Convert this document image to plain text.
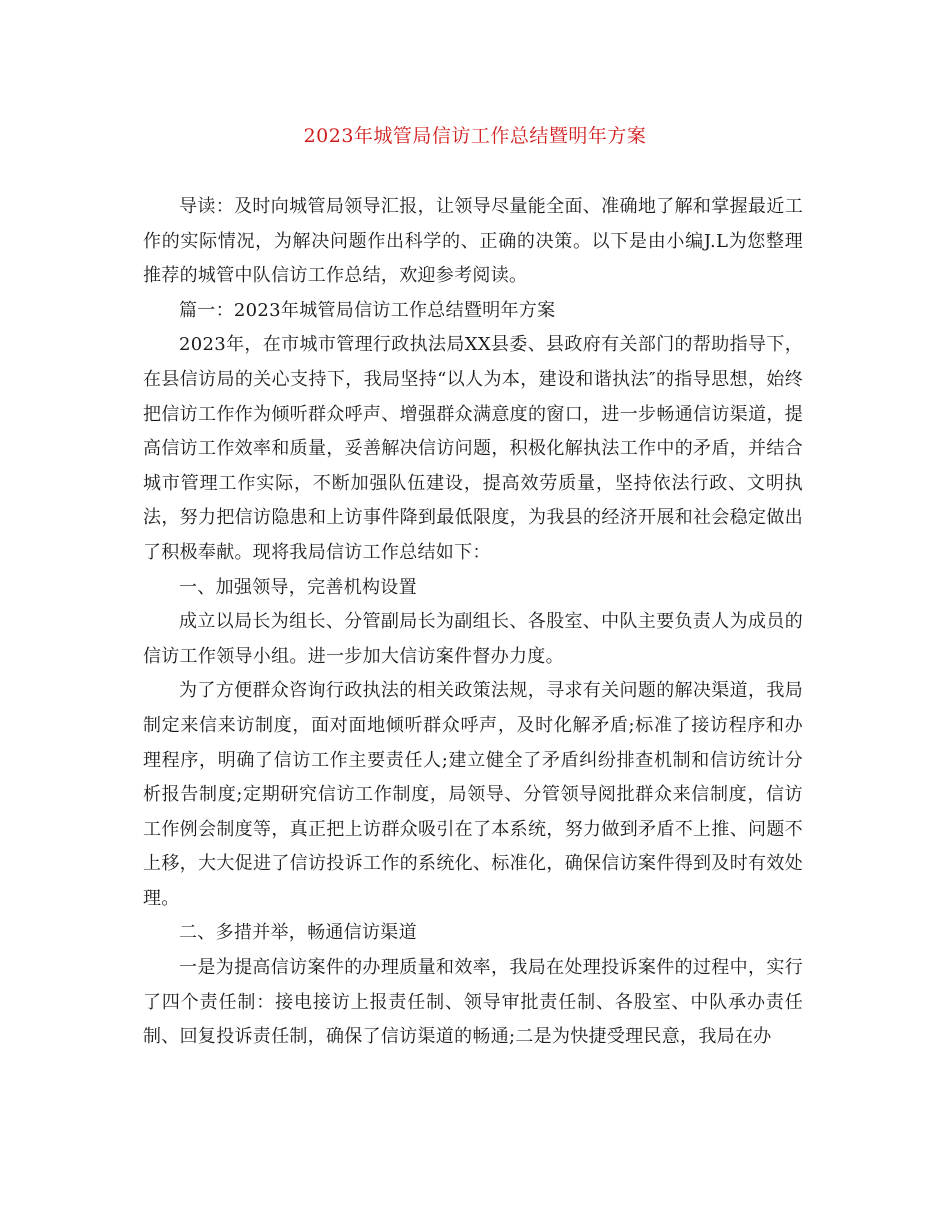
2023年城管局信访工作总结暨明年方案

导读：及时向城管局领导汇报，让领导尽量能全面、准确地了解和掌握最近工作的实际情况，为解决问题作出科学的、正确的决策。以下是由小编J.L为您整理推荐的城管中队信访工作总结，欢迎参考阅读。

篇一：2023年城管局信访工作总结暨明年方案

2023年，在市城市管理行政执法局XX县委、县政府有关部门的帮助指导下，在县信访局的关心支持下，我局坚持“以人为本，建设和谐执法″的指导思想，始终把信访工作作为倾听群众呼声、增强群众满意度的窗口，进一步畅通信访渠道，提高信访工作效率和质量，妥善解决信访问题，积极化解执法工作中的矛盾，并结合城市管理工作实际，不断加强队伍建设，提高效劳质量，坚持依法行政、文明执法，努力把信访隐患和上访事件降到最低限度，为我县的经济开展和社会稳定做出了积极奉献。现将我局信访工作总结如下：

一、加强领导，完善机构设置

成立以局长为组长、分管副局长为副组长、各股室、中队主要负责人为成员的信访工作领导小组。进一步加大信访案件督办力度。

为了方便群众咨询行政执法的相关政策法规，寻求有关问题的解决渠道，我局制定来信来访制度，面对面地倾听群众呼声，及时化解矛盾;标准了接访程序和办理程序，明确了信访工作主要责任人;建立健全了矛盾纠纷排查机制和信访统计分析报告制度;定期研究信访工作制度，局领导、分管领导阅批群众来信制度，信访工作例会制度等，真正把上访群众吸引在了本系统，努力做到矛盾不上推、问题不上移，大大促进了信访投诉工作的系统化、标准化，确保信访案件得到及时有效处理。

二、多措并举，畅通信访渠道

一是为提高信访案件的办理质量和效率，我局在处理投诉案件的过程中，实行了四个责任制：接电接访上报责任制、领导审批责任制、各股室、中队承办责任制、回复投诉责任制，确保了信访渠道的畅通;二是为快捷受理民意，我局在办
